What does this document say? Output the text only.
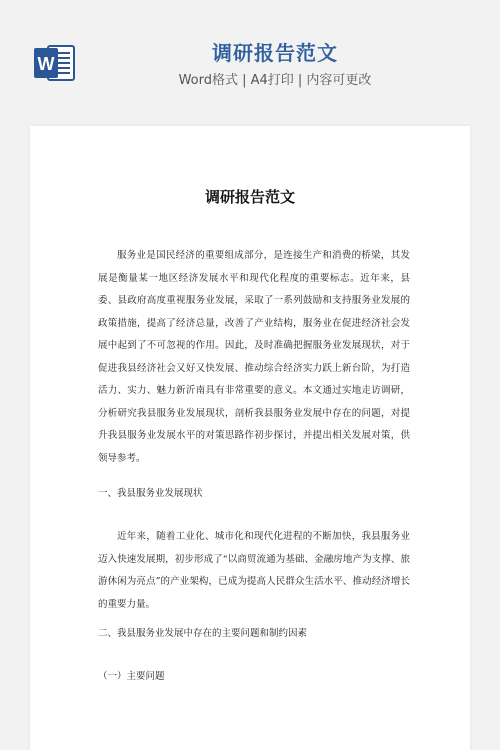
W	调研报告范文
Word格式 | A4打印 | 内容可更改
调研报告范文

服务业是国民经济的重要组成部分，是连接生产和消费的桥梁，其发展是衡量某一地区经济发展水平和现代化程度的重要标志。近年来，县委、县政府高度重视服务业发展，采取了一系列鼓励和支持服务业发展的政策措施，提高了经济总量，改善了产业结构，服务业在促进经济社会发展中起到了不可忽视的作用。因此，及时准确把握服务业发展现状，对于促进我县经济社会又好又快发展、推动综合经济实力跃上新台阶，为打造活力、实力、魅力新沂南具有非常重要的意义。本文通过实地走访调研，分析研究我县服务业发展现状，剖析我县服务业发展中存在的问题，对提升我县服务业发展水平的对策思路作初步探讨，并提出相关发展对策，供领导参考。

一、我县服务业发展现状

近年来，随着工业化、城市化和现代化进程的不断加快，我县服务业迈入快速发展期，初步形成了“以商贸流通为基础、金融房地产为支撑、旅游休闲为亮点”的产业架构，已成为提高人民群众生活水平、推动经济增长的重要力量。

二、我县服务业发展中存在的主要问题和制约因素

（一）主要问题
